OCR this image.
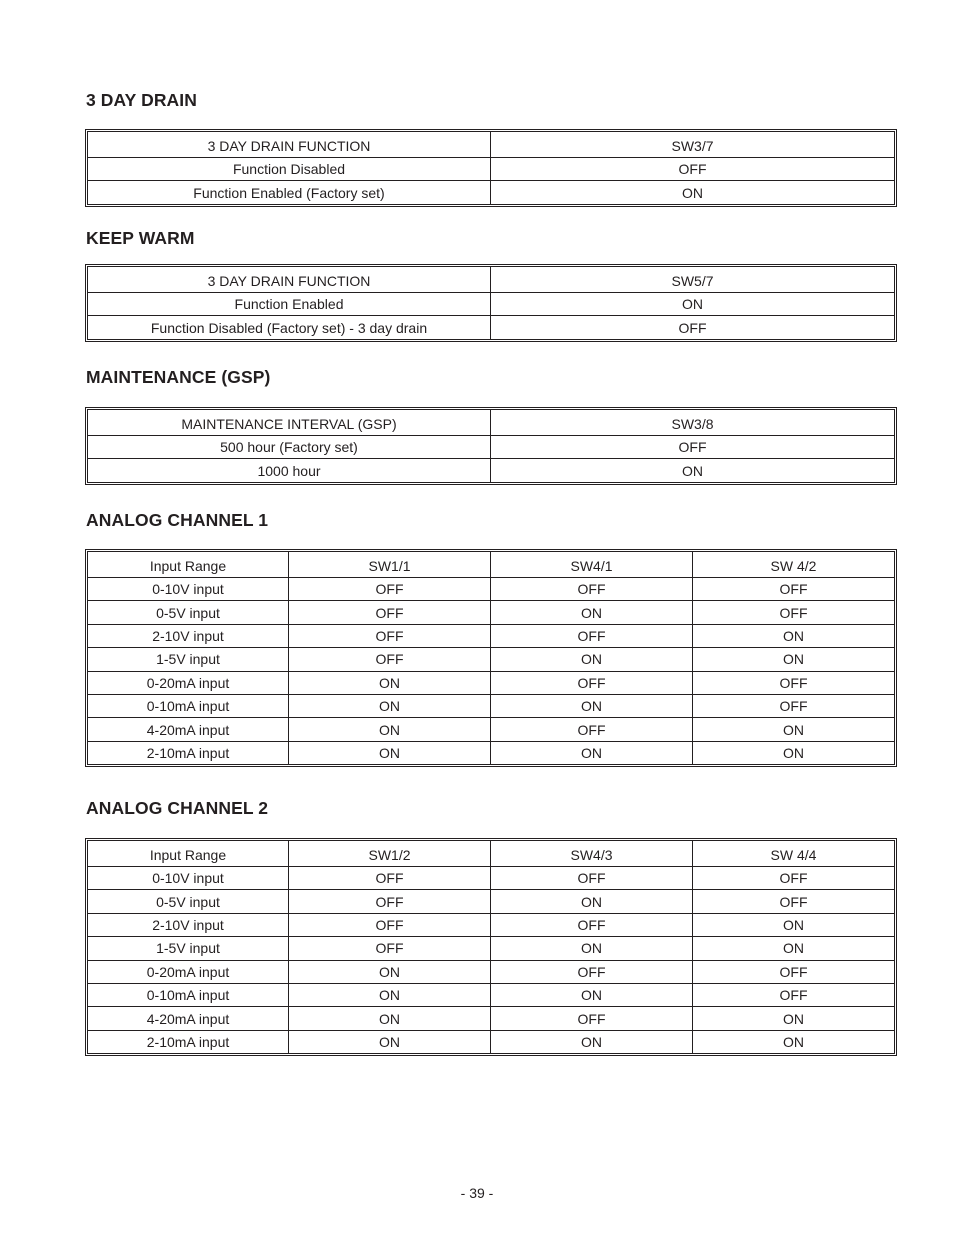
3 DAY DRAIN
3 DAY DRAIN FUNCTION	SW3/7
Function Disabled	OFF
Function Enabled (Factory set)	ON
KEEP WARM
3 DAY DRAIN FUNCTION	SW5/7
Function Enabled	ON
Function Disabled (Factory set) - 3 day drain	OFF
MAINTENANCE (GSP)
MAINTENANCE INTERVAL (GSP)	SW3/8
500 hour (Factory set)	OFF
1000 hour	ON
ANALOG CHANNEL 1
Input Range	SW1/1	SW4/1	SW 4/2
0-10V input	OFF	OFF	OFF
0-5V input	OFF	ON	OFF
2-10V input	OFF	OFF	ON
1-5V input	OFF	ON	ON
0-20mA input	ON	OFF	OFF
0-10mA input	ON	ON	OFF
4-20mA input	ON	OFF	ON
2-10mA input	ON	ON	ON
ANALOG CHANNEL 2
Input Range	SW1/2	SW4/3	SW 4/4
0-10V input	OFF	OFF	OFF
0-5V input	OFF	ON	OFF
2-10V input	OFF	OFF	ON
1-5V input	OFF	ON	ON
0-20mA input	ON	OFF	OFF
0-10mA input	ON	ON	OFF
4-20mA input	ON	OFF	ON
2-10mA input	ON	ON	ON
- 39 -
